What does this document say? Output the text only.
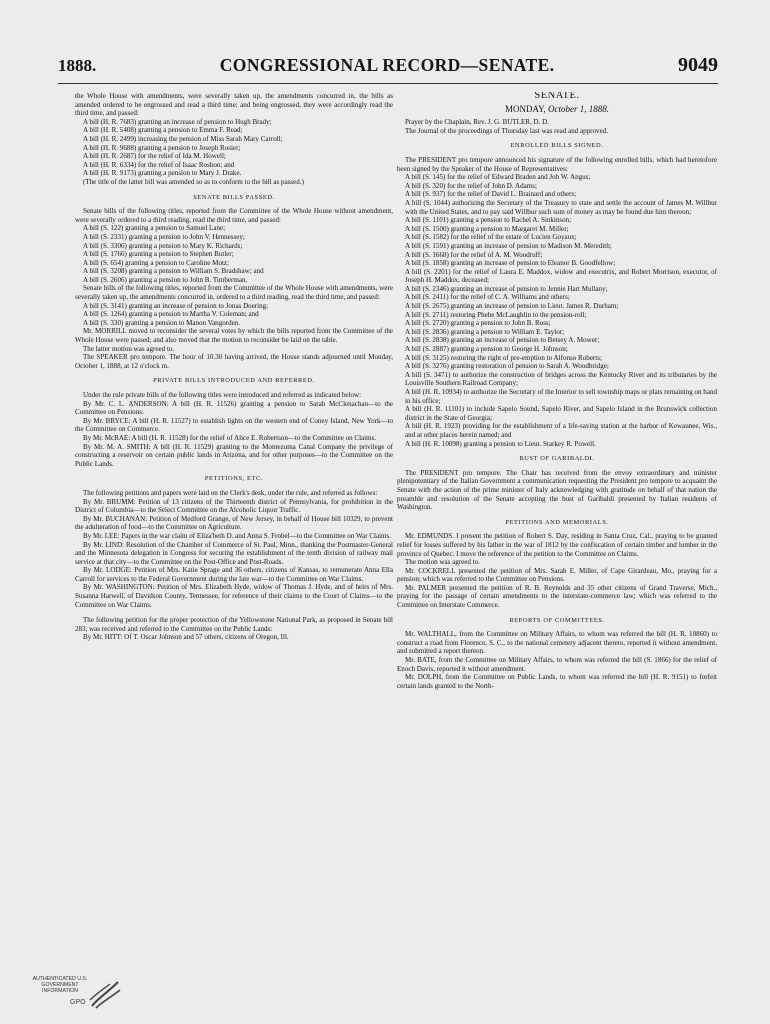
1888.	CONGRESSIONAL RECORD—SENATE.	9049

the Whole House with amendments, were severally taken up, the amendments concurred in, the bills as amended ordered to be engrossed and read a third time; and being engrossed, they were accordingly read the third time, and passed:

A bill (H. R. 7683) granting an increase of pension to Hugh Brady;

A bill (H. R. 5408) granting a pension to Emma F. Read;

A bill (H. R. 2499) increasing the pension of Miss Sarah Mary Carroll;

A bill (H. R. 9688) granting a pension to Joseph Rosier;

A bill (H. R. 2687) for the relief of Ida M. Howell;

A bill (H. R. 6334) for the relief of Isaac Rosbon; and

A bill (H. R. 9173) granting a pension to Mary J. Drake.

(The title of the latter bill was amended so as to conform to the bill as passed.)

SENATE BILLS PASSED.

Senate bills of the following titles, reported from the Committee of the Whole House without amendment, were severally ordered to a third reading, read the third time, and passed:

A bill (S. 122) granting a pension to Samuel Lane;

A bill (S. 2331) granting a pension to John V. Hennessey;

A bill (S. 3306) granting a pension to Mary K. Richards;

A bill (S. 1766) granting a pension to Stephen Butler;

A bill (S. 654) granting a pension to Caroline Motz;

A bill (S. 3208) granting a pension to William S. Bradshaw; and

A bill (S. 2606) granting a pension to John B. Timberman.

Senate bills of the following titles, reported from the Committee of the Whole House with amendments, were severally taken up, the amendments concurred in, ordered to a third reading, read the third time, and passed:

A bill (S. 3141) granting an increase of pension to Jonas Doering;

A bill (S. 1264) granting a pension to Martha V. Coleman; and

A bill (S. 330) granting a pension to Manon Vangorden.

Mr. MORRILL moved to reconsider the several votes by which the bills reported from the Committee of the Whole House were passed; and also moved that the motion to reconsider be laid on the table.

The latter motion was agreed to.

The SPEAKER pro tempore. The hour of 10.30 having arrived, the House stands adjourned until Monday, October 1, 1888, at 12 o'clock m.

PRIVATE BILLS INTRODUCED AND REFERRED.

Under the rule private bills of the following titles were introduced and referred as indicated below:

By Mr. C. L. ANDERSON: A bill (H. R. 11526) granting a pension to Sarah McClenachan—to the Committee on Pensions.

By Mr. BRYCE: A bill (H. R. 11527) to establish lights on the western end of Coney Island, New York—to the Committee on Commerce.

By Mr. McRAE: A bill (H. R. 11528) for the relief of Alice E. Robertson—to the Committee on Claims.

By Mr. M. A. SMITH: A bill (H. R. 11529) granting to the Montezuma Canal Company the privilege of constructing a reservoir on certain public lands in Arizona, and for other purposes—to the Committee on the Public Lands.

PETITIONS, ETC.

The following petitions and papers were laid on the Clerk's desk, under the rule, and referred as follows:

By Mr. BRUMM: Petition of 13 citizens of the Thirteenth district of Pennsylvania, for prohibition in the District of Columbia—to the Select Committee on the Alcoholic Liquor Traffic.

By Mr. BUCHANAN: Petition of Medford Grange, of New Jersey, in behalf of House bill 10329, to prevent the adulteration of food—to the Committee on Agriculture.

By Mr. LEE: Papers in the war claim of Eliza'beth D. and Anna S. Frobel—to the Committee on War Claims.

By Mr. LIND: Resolution of the Chamber of Commerce of St. Paul, Minn., thanking the Postmaster-General and the Minnesota delegation in Congress for securing the establishment of the tenth division of railway mail service at that city—to the Committee on the Post-Office and Post-Roads.

By Mr. LODGE: Petition of Mrs. Katie Sprage and 36 others, citizens of Kansas, to remunerate Anna Ella Carroll for services to the Federal Government during the late war—to the Committee on War Claims.

By Mr. WASHINGTON: Petition of Mrs. Elizabeth Hyde, widow of Thomas J. Hyde, and of heirs of Mrs. Susanna Harwell, of Davidson County, Tennessee, for reference of their claims to the Court of Claims—to the Committee on War Claims.

The following petition for the proper protection of the Yellowstone National Park, as proposed in Senate bill 283, was received and referred to the Committee on the Public Lands:

By Mr. HITT: Of T. Oscar Johnson and 57 others, citizens of Oregon, Ill.

SENATE.
MONDAY, October 1, 1888.

Prayer by the Chaplain, Rev. J. G. BUTLER, D. D.

The Journal of the proceedings of Thursday last was read and approved.

ENROLLED BILLS SIGNED.

The PRESIDENT pro tempore announced his signature of the following enrolled bills, which had heretofore been signed by the Speaker of the House of Representatives:

A bill (S. 145) for the relief of Edward Braden and Job W. Angus;

A bill (S. 320) for the relief of John D. Adams;

A bill (S. 937) for the relief of David L. Brainard and others;

A bill (S. 1044) authorizing the Secretary of the Treasury to state and settle the account of James M. Willbur with the United States, and to pay said Willbur such sum of money as may be found due him thereon;

A bill (S. 1101) granting a pension to Rachel A. Sinkinson;

A bill (S. 1500) granting a pension to Margaret M. Miller;

A bill (S. 1582) for the relief of the estate of Lucien Goyaux;

A bill (S. 1591) granting an increase of pension to Madison M. Meredith;

A bill (S. 1668) for the relief of A. M. Woodruff;

A bill (S. 1858) granting an increase of pension to Eleanor B. Goodfellow;

A bill (S. 2201) for the relief of Laura E. Maddox, widow and executrix, and Robert Morrison, executor, of Joseph H. Maddox, deceased;

A bill (S. 2346) granting an increase of pension to Jennie Hart Mullany;

A bill (S. 2411) for the relief of C. A. Williams and others;

A bill (S. 2675) granting an increase of pension to Lieut. James R. Durham;

A bill (S. 2711) restoring Phebe McLaughlin to the pension-roll;

A bill (S. 2720) granting a pension to John B. Ross;

A bill (S. 2836) granting a pension to William E. Taylor;

A bill (S. 2838) granting an increase of pension to Betsey A. Mower;

A bill (S. 2887) granting a pension to George H. Johnson;

A bill (S. 3125) restoring the right of pre-emption to Alfonso Roberts;

A bill (S. 3276) granting restoration of pension to Sarah A. Woodbridge;

A bill (S. 3471) to authorize the construction of bridges across the Kentucky River and its tributaries by the Louisville Southern Railroad Company;

A bill (H. R. 10934) to authorize the Secretary of the Interior to sell township maps or plats remaining on hand in his office;

A bill (H. R. 11101) to include Sapelo Sound, Sapelo River, and Sapelo Island in the Brunswick collection district in the State of Georgia;

A bill (H. R. 1923) providing for the establishment of a life-saving station at the harbor of Kewaunee, Wis., and at other places herein named; and

A bill (H. R. 10098) granting a pension to Lieut. Starkey R. Powell.

BUST OF GARIBALDI.

The PRESIDENT pro tempore. The Chair has received from the envoy extraordinary and minister plenipotentiary of the Italian Government a communication requesting the President pro tempore to acquaint the Senate with the action of the prime minister of Italy acknowledging with gratitude on behalf of that nation the preamble and resolution of the Senate accepting the bust of Garibaldi presented by Italian residents of Washington.

PETITIONS AND MEMORIALS.

Mr. EDMUNDS. I present the petition of Robert S. Day, residing in Santa Cruz, Cal., praying to be granted relief for losses suffered by his father in the war of 1812 by the confiscation of certain timber and lumber in the province of Quebec. I move the reference of the petition to the Committee on Claims.

The motion was agreed to.

Mr. COCKRELL presented the petition of Mrs. Sarah E. Miller, of Cape Girardeau, Mo., praying for a pension; which was referred to the Committee on Pensions.

Mr. PALMER presented the petition of R. B. Reynolds and 35 other citizens of Grand Traverse, Mich., praying for the passage of certain amendments to the interstate-commerce law; which was referred to the Committee on Interstate Commerce.

REPORTS OF COMMITTEES.

Mr. WALTHALL, from the Committee on Military Affairs, to whom was referred the bill (H. R. 10860) to construct a road from Florence, S. C., to the national cemetery adjacent thereto, reported it without amendment, and submitted a report thereon.

Mr. BATE, from the Committee on Military Affairs, to whom was referred the bill (S. 1866) for the relief of Enoch Davis, reported it without amendment.

Mr. DOLPH, from the Committee on Public Lands, to whom was referred the bill (H. R. 9151) to forfeit certain lands granted to the North-

AUTHENTICATED U.S. GOVERNMENT INFORMATION
GPO
